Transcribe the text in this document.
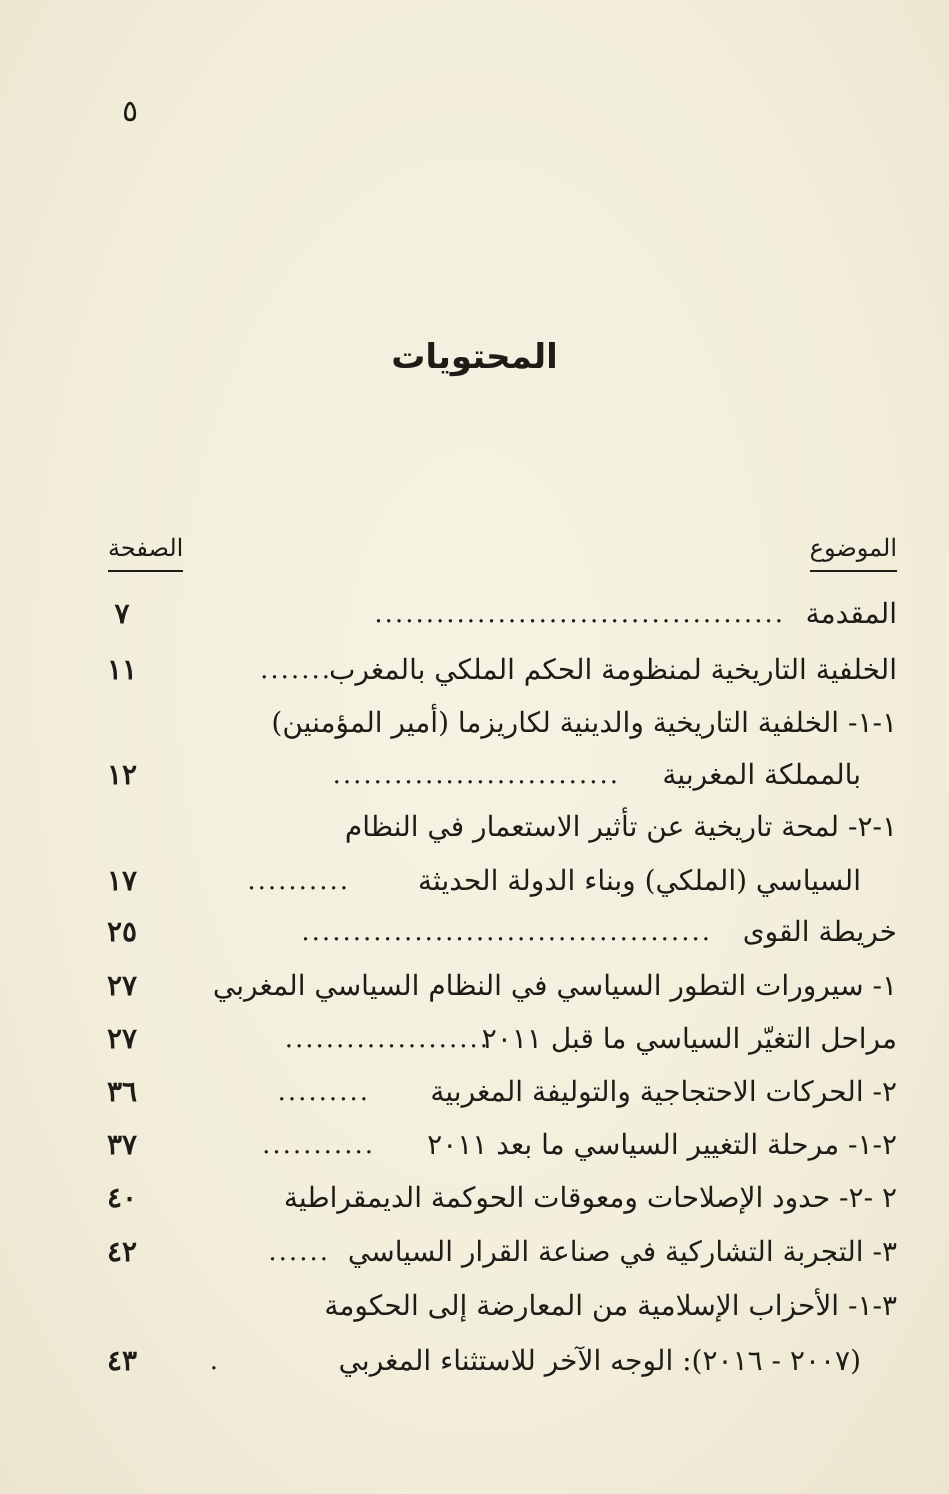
٥
المحتويات
الموضوع
الصفحة
المقدمة
........................................
٧
الخلفية التاريخية لمنظومة الحكم الملكي بالمغرب
.......
١١
١-١- الخلفية التاريخية والدينية لكاريزما (أمير المؤمنين)
بالمملكة المغربية
............................
١٢
١-٢- لمحة تاريخية عن تأثير الاستعمار في النظام
السياسي (الملكي) وبناء الدولة الحديثة
..........
١٧
خريطة القوى
........................................
٢٥
١- سيرورات التطور السياسي في النظام السياسي المغربي
٢٧
مراحل التغيّر السياسي ما قبل ٢٠١١
....................
٢٧
٢- الحركات الاحتجاجية والتوليفة المغربية
.........
٣٦
٢-١- مرحلة التغيير السياسي ما بعد ٢٠١١
...........
٣٧
٢ -٢- حدود الإصلاحات ومعوقات الحوكمة الديمقراطية
٤٠
٣- التجربة التشاركية في صناعة القرار السياسي
......
٤٢
٣-١- الأحزاب الإسلامية من المعارضة إلى الحكومة
(٢٠٠٧ - ٢٠١٦): الوجه الآخر للاستثناء المغربي
.
٤٣
